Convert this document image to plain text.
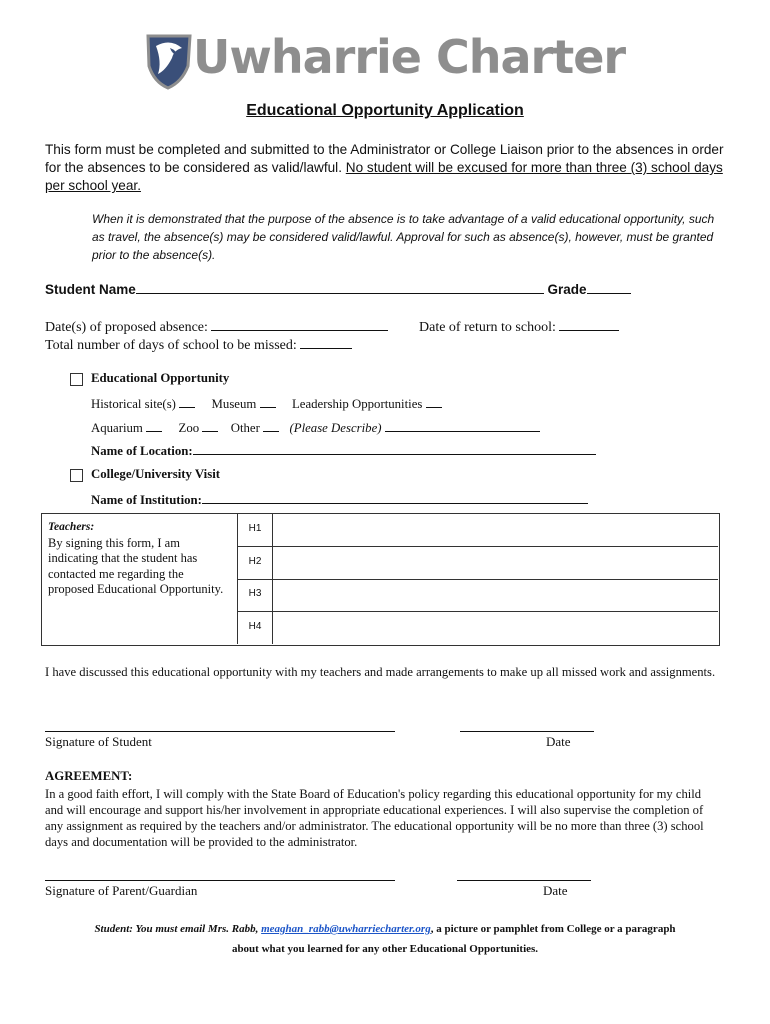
Uwharrie Charter
Educational Opportunity Application
This form must be completed and submitted to the Administrator or College Liaison prior to the absences in order for the absences to be considered as valid/lawful. No student will be excused for more than three (3) school days per school year.
When it is demonstrated that the purpose of the absence is to take advantage of a valid educational opportunity, such as travel, the absence(s) may be considered valid/lawful. Approval for such as absence(s), however, must be granted prior to the absence(s).
Student Name	Grade
Date(s) of proposed absence:	Date of return to school:
Total number of days of school to be missed:
Educational Opportunity
Historical site(s)	Museum	Leadership Opportunities
Aquarium	Zoo Other (Please Describe)
Name of Location:
College/University Visit
Name of Institution:
H1
H2
H3
H4
Teachers:
By signing this form, I am indicating that the student has contacted me regarding the proposed Educational Opportunity.
I have discussed this educational opportunity with my teachers and made arrangements to make up all missed work and assignments.
Signature of Student	Date
AGREEMENT:
In a good faith effort, I will comply with the State Board of Education's policy regarding this educational opportunity for my child and will encourage and support his/her involvement in appropriate educational experiences. I will also supervise the completion of any assignment as required by the teachers and/or administrator. The educational opportunity will be no more than three (3) school days and documentation will be provided to the administrator.
Signature of Parent/Guardian	Date
Student: You must email Mrs. Rabb, meaghan_rabb@uwharriecharter.org, a picture or pamphlet from College or a paragraph
about what you learned for any other Educational Opportunities.
